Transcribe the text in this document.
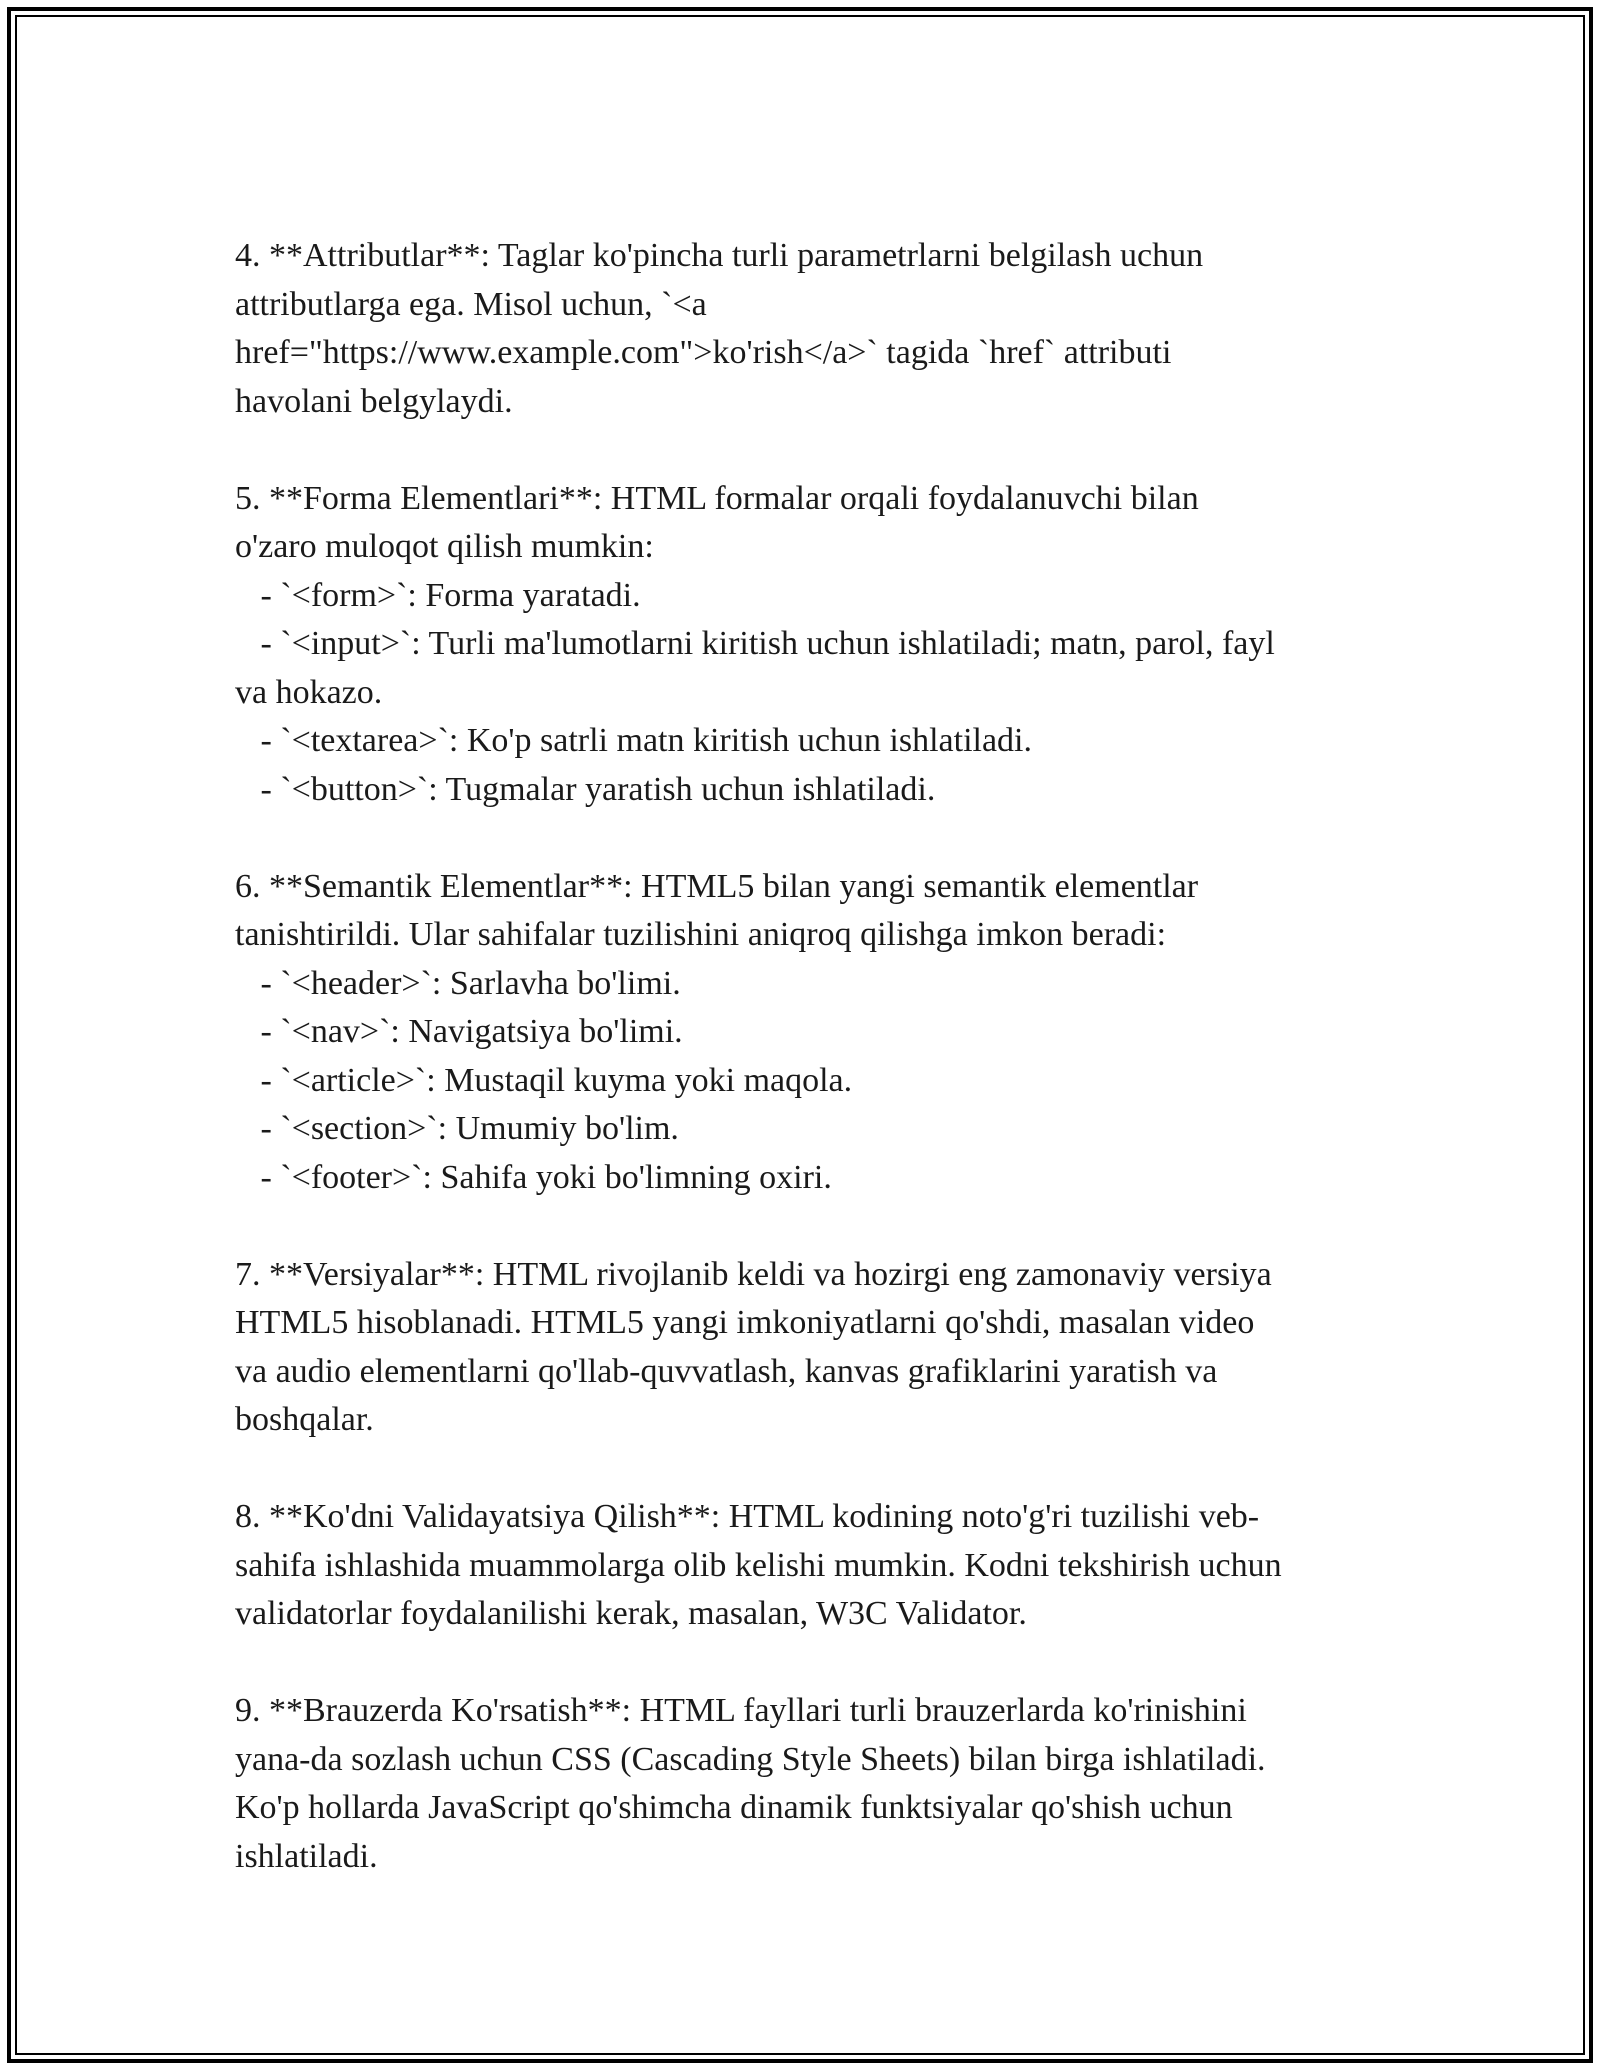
4. **Attributlar**: Taglar ko'pincha turli parametrlarni belgilash uchun
attributlarga ega. Misol uchun, `<a
href="https://www.example.com">ko'rish</a>` tagida `href` attributi
havolani belgylaydi.
5. **Forma Elementlari**: HTML formalar orqali foydalanuvchi bilan
o'zaro muloqot qilish mumkin:
- `<form>`: Forma yaratadi.
- `<input>`: Turli ma'lumotlarni kiritish uchun ishlatiladi; matn, parol, fayl
va hokazo.
- `<textarea>`: Ko'p satrli matn kiritish uchun ishlatiladi.
- `<button>`: Tugmalar yaratish uchun ishlatiladi.
6. **Semantik Elementlar**: HTML5 bilan yangi semantik elementlar
tanishtirildi. Ular sahifalar tuzilishini aniqroq qilishga imkon beradi:
- `<header>`: Sarlavha bo'limi.
- `<nav>`: Navigatsiya bo'limi.
- `<article>`: Mustaqil kuyma yoki maqola.
- `<section>`: Umumiy bo'lim.
- `<footer>`: Sahifa yoki bo'limning oxiri.
7. **Versiyalar**: HTML rivojlanib keldi va hozirgi eng zamonaviy versiya
HTML5 hisoblanadi. HTML5 yangi imkoniyatlarni qo'shdi, masalan video
va audio elementlarni qo'llab-quvvatlash, kanvas grafiklarini yaratish va
boshqalar.
8. **Ko'dni Validayatsiya Qilish**: HTML kodining noto'g'ri tuzilishi veb-
sahifa ishlashida muammolarga olib kelishi mumkin. Kodni tekshirish uchun
validatorlar foydalanilishi kerak, masalan, W3C Validator.
9. **Brauzerda Ko'rsatish**: HTML fayllari turli brauzerlarda ko'rinishini
yana-da sozlash uchun CSS (Cascading Style Sheets) bilan birga ishlatiladi.
Ko'p hollarda JavaScript qo'shimcha dinamik funktsiyalar qo'shish uchun
ishlatiladi.
